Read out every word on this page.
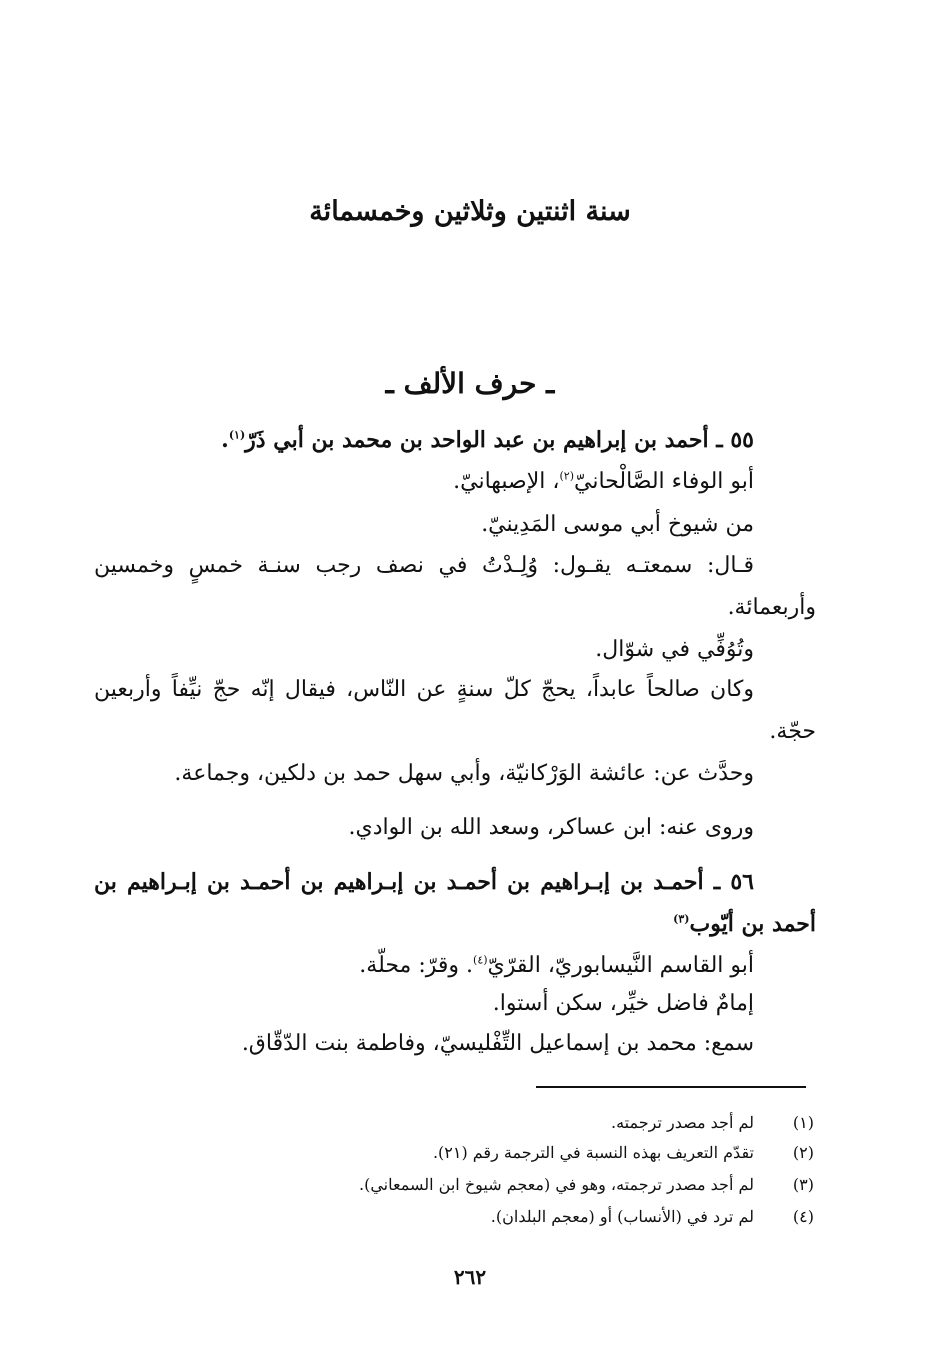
سنة اثنتين وثلاثين وخمسمائة
ـ حرف الألف ـ
٥٥ ـ أحمد بن إبراهيم بن عبد الواحد بن محمد بن أبي ذَرّ$^{(١)}$.
أبو الوفاء الصَّالْحانيّ$^{(٢)}$، الإصبهانيّ.
من شيوخ أبي موسى المَدِينيّ.
قـال: سمعتـه يقـول: وُلِـدْتُ في نصف رجب سنـة خمسٍ وخمسين
وأربعمائة.
وتُوُفِّي في شوّال.
وكان صالحاً عابداً، يحجّ كلّ سنةٍ عن النّاس، فيقال إنّه حجّ نيِّفاً وأربعين
حجّة.
وحدَّث عن: عائشة الوَرْكانيّة، وأبي سهل حمد بن دلكين، وجماعة.
وروى عنه: ابن عساكر، وسعد الله بن الوادي.
٥٦ ـ أحمـد بن إبـراهيم بن أحمـد بن إبـراهيم بن أحمـد بن إبـراهيم بن
أحمد بن أيّوب$^{(٣)}$
أبو القاسم النَّيسابوريّ، القرّيّ$^{(٤)}$. وقرّ: محلّة.
إمامٌ فاضل خيِّر، سكن أستوا.
سمع: محمد بن إسماعيل التِّفْليسيّ، وفاطمة بنت الدّقّاق.
(١)
لم أجد مصدر ترجمته.
(٢)
تقدّم التعريف بهذه النسبة في الترجمة رقم (٢١).
(٣)
لم أجد مصدر ترجمته، وهو في (معجم شيوخ ابن السمعاني).
(٤)
لم ترد في (الأنساب) أو (معجم البلدان).
٢٦٢
